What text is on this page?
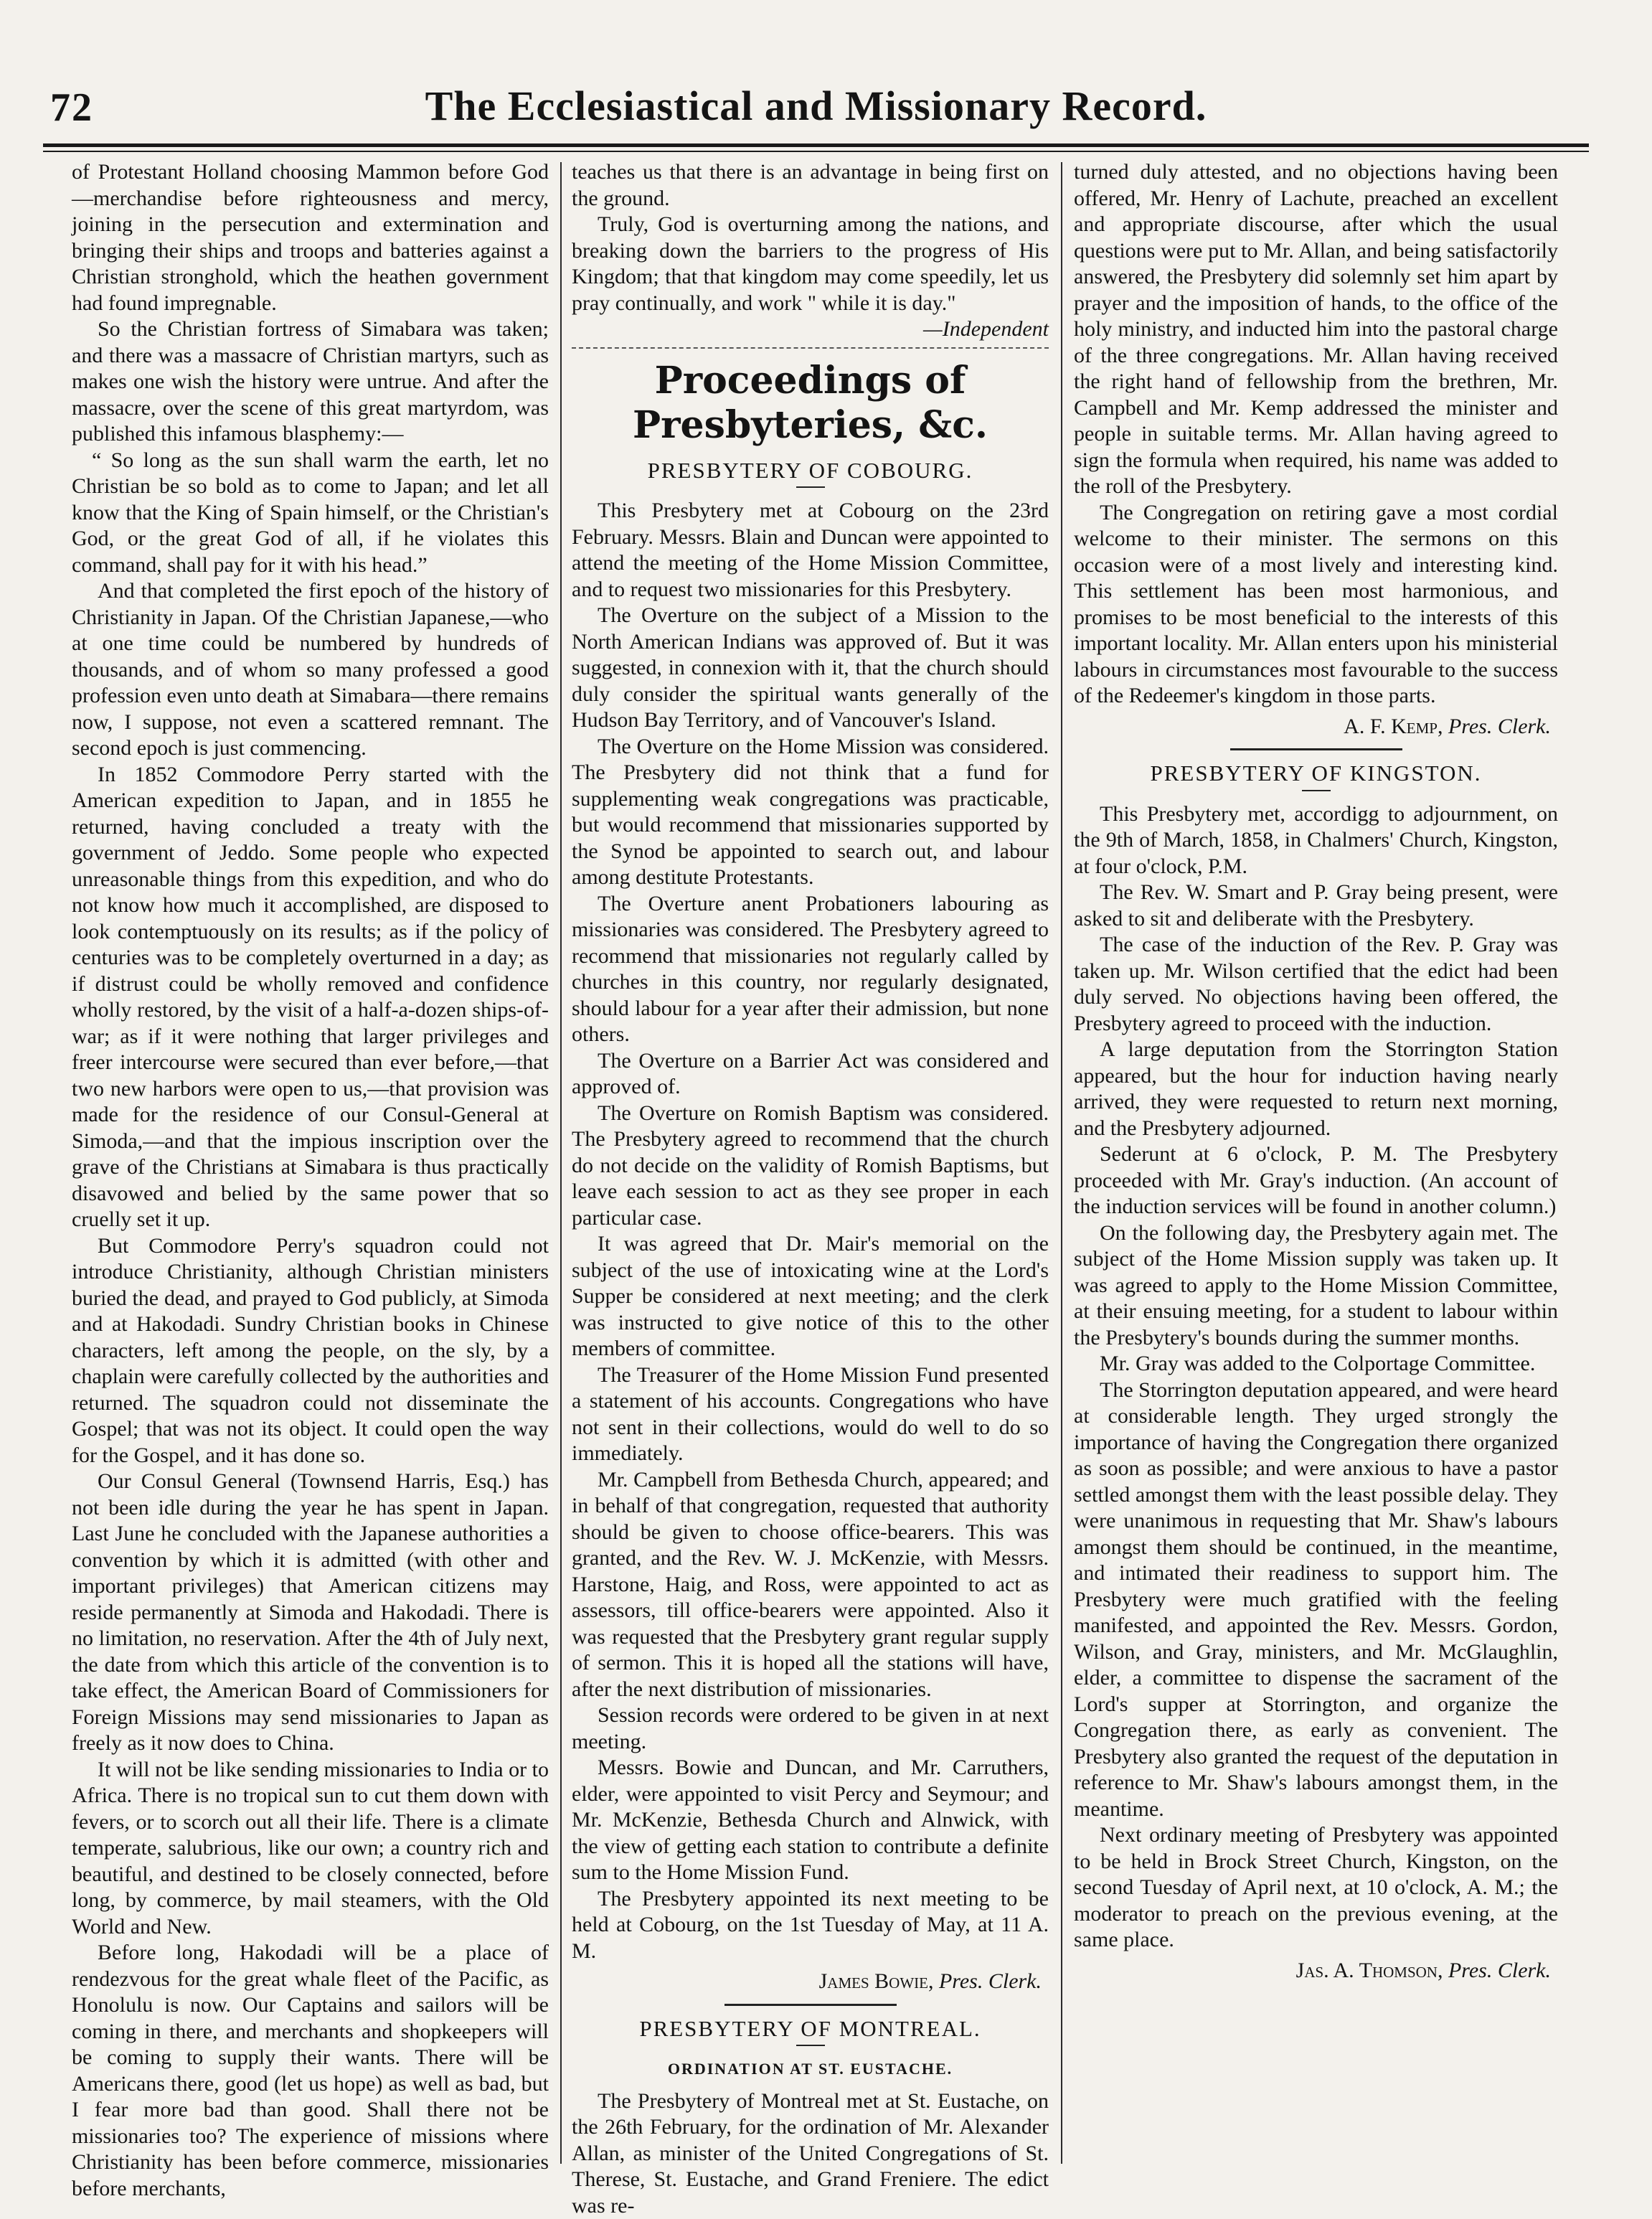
72	The Ecclesiastical and Missionary Record.

of Protestant Holland choosing Mammon before God—merchandise before righteousness and mercy, joining in the persecution and extermination and bringing their ships and troops and batteries against a Christian stronghold, which the heathen government had found impregnable.

So the Christian fortress of Simabara was taken; and there was a massacre of Christian martyrs, such as makes one wish the history were untrue. And after the massacre, over the scene of this great martyrdom, was published this infamous blasphemy:—

“ So long as the sun shall warm the earth, let no Christian be so bold as to come to Japan; and let all know that the King of Spain himself, or the Christian's God, or the great God of all, if he violates this command, shall pay for it with his head.”

And that completed the first epoch of the history of Christianity in Japan. Of the Christian Japanese,—who at one time could be numbered by hundreds of thousands, and of whom so many professed a good profession even unto death at Simabara—there remains now, I suppose, not even a scattered remnant. The second epoch is just commencing.

In 1852 Commodore Perry started with the American expedition to Japan, and in 1855 he returned, having concluded a treaty with the government of Jeddo. Some people who expected unreasonable things from this expedition, and who do not know how much it accomplished, are disposed to look contemptuously on its results; as if the policy of centuries was to be completely overturned in a day; as if distrust could be wholly removed and confidence wholly restored, by the visit of a half-a-dozen ships-of-war; as if it were nothing that larger privileges and freer intercourse were secured than ever before,—that two new harbors were open to us,—that provision was made for the residence of our Consul-General at Simoda,—and that the impious inscription over the grave of the Christians at Simabara is thus practically disavowed and belied by the same power that so cruelly set it up.

But Commodore Perry's squadron could not introduce Christianity, although Christian ministers buried the dead, and prayed to God publicly, at Simoda and at Hakodadi. Sundry Christian books in Chinese characters, left among the people, on the sly, by a chaplain were carefully collected by the authorities and returned. The squadron could not disseminate the Gospel; that was not its object. It could open the way for the Gospel, and it has done so.

Our Consul General (Townsend Harris, Esq.) has not been idle during the year he has spent in Japan. Last June he concluded with the Japanese authorities a convention by which it is admitted (with other and important privileges) that American citizens may reside permanently at Simoda and Hakodadi. There is no limitation, no reservation. After the 4th of July next, the date from which this article of the convention is to take effect, the American Board of Commissioners for Foreign Missions may send missionaries to Japan as freely as it now does to China.

It will not be like sending missionaries to India or to Africa. There is no tropical sun to cut them down with fevers, or to scorch out all their life. There is a climate temperate, salubrious, like our own; a country rich and beautiful, and destined to be closely connected, before long, by commerce, by mail steamers, with the Old World and New.

Before long, Hakodadi will be a place of rendezvous for the great whale fleet of the Pacific, as Honolulu is now. Our Captains and sailors will be coming in there, and merchants and shopkeepers will be coming to supply their wants. There will be Americans there, good (let us hope) as well as bad, but I fear more bad than good. Shall there not be missionaries too? The experience of missions where Christianity has been before commerce, missionaries before merchants,

teaches us that there is an advantage in being first on the ground.

Truly, God is overturning among the nations, and breaking down the barriers to the progress of His Kingdom; that that kingdom may come speedily, let us pray continually, and work " while it is day."

—Independent

Proceedings of Presbyteries, &c.

PRESBYTERY OF COBOURG.

This Presbytery met at Cobourg on the 23rd February. Messrs. Blain and Duncan were appointed to attend the meeting of the Home Mission Committee, and to request two missionaries for this Presbytery.

The Overture on the subject of a Mission to the North American Indians was approved of. But it was suggested, in connexion with it, that the church should duly consider the spiritual wants generally of the Hudson Bay Territory, and of Vancouver's Island.

The Overture on the Home Mission was considered. The Presbytery did not think that a fund for supplementing weak congregations was practicable, but would recommend that missionaries supported by the Synod be appointed to search out, and labour among destitute Protestants.

The Overture anent Probationers labouring as missionaries was considered. The Presbytery agreed to recommend that missionaries not regularly called by churches in this country, nor regularly designated, should labour for a year after their admission, but none others.

The Overture on a Barrier Act was considered and approved of.

The Overture on Romish Baptism was considered. The Presbytery agreed to recommend that the church do not decide on the validity of Romish Baptisms, but leave each session to act as they see proper in each particular case.

It was agreed that Dr. Mair's memorial on the subject of the use of intoxicating wine at the Lord's Supper be considered at next meeting; and the clerk was instructed to give notice of this to the other members of committee.

The Treasurer of the Home Mission Fund presented a statement of his accounts. Congregations who have not sent in their collections, would do well to do so immediately.

Mr. Campbell from Bethesda Church, appeared; and in behalf of that congregation, requested that authority should be given to choose office-bearers. This was granted, and the Rev. W. J. McKenzie, with Messrs. Harstone, Haig, and Ross, were appointed to act as assessors, till office-bearers were appointed. Also it was requested that the Presbytery grant regular supply of sermon. This it is hoped all the stations will have, after the next distribution of missionaries.

Session records were ordered to be given in at next meeting.

Messrs. Bowie and Duncan, and Mr. Carruthers, elder, were appointed to visit Percy and Seymour; and Mr. McKenzie, Bethesda Church and Alnwick, with the view of getting each station to contribute a definite sum to the Home Mission Fund.

The Presbytery appointed its next meeting to be held at Cobourg, on the 1st Tuesday of May, at 11 A. M.

James Bowie, Pres. Clerk.

PRESBYTERY OF MONTREAL.

ORDINATION AT ST. EUSTACHE.

The Presbytery of Montreal met at St. Eustache, on the 26th February, for the ordination of Mr. Alexander Allan, as minister of the United Congregations of St. Therese, St. Eustache, and Grand Freniere. The edict was re-

turned duly attested, and no objections having been offered, Mr. Henry of Lachute, preached an excellent and appropriate discourse, after which the usual questions were put to Mr. Allan, and being satisfactorily answered, the Presbytery did solemnly set him apart by prayer and the imposition of hands, to the office of the holy ministry, and inducted him into the pastoral charge of the three congregations. Mr. Allan having received the right hand of fellowship from the brethren, Mr. Campbell and Mr. Kemp addressed the minister and people in suitable terms. Mr. Allan having agreed to sign the formula when required, his name was added to the roll of the Presbytery.

The Congregation on retiring gave a most cordial welcome to their minister. The sermons on this occasion were of a most lively and interesting kind. This settlement has been most harmonious, and promises to be most beneficial to the interests of this important locality. Mr. Allan enters upon his ministerial labours in circumstances most favourable to the success of the Redeemer's kingdom in those parts.

A. F. Kemp, Pres. Clerk.

PRESBYTERY OF KINGSTON.

This Presbytery met, accordigg to adjournment, on the 9th of March, 1858, in Chalmers' Church, Kingston, at four o'clock, P.M.

The Rev. W. Smart and P. Gray being present, were asked to sit and deliberate with the Presbytery.

The case of the induction of the Rev. P. Gray was taken up. Mr. Wilson certified that the edict had been duly served. No objections having been offered, the Presbytery agreed to proceed with the induction.

A large deputation from the Storrington Station appeared, but the hour for induction having nearly arrived, they were requested to return next morning, and the Presbytery adjourned.

Sederunt at 6 o'clock, P. M. The Presbytery proceeded with Mr. Gray's induction. (An account of the induction services will be found in another column.)

On the following day, the Presbytery again met. The subject of the Home Mission supply was taken up. It was agreed to apply to the Home Mission Committee, at their ensuing meeting, for a student to labour within the Presbytery's bounds during the summer months.

Mr. Gray was added to the Colportage Committee.

The Storrington deputation appeared, and were heard at considerable length. They urged strongly the importance of having the Congregation there organized as soon as possible; and were anxious to have a pastor settled amongst them with the least possible delay. They were unanimous in requesting that Mr. Shaw's labours amongst them should be continued, in the meantime, and intimated their readiness to support him. The Presbytery were much gratified with the feeling manifested, and appointed the Rev. Messrs. Gordon, Wilson, and Gray, ministers, and Mr. McGlaughlin, elder, a committee to dispense the sacrament of the Lord's supper at Storrington, and organize the Congregation there, as early as convenient. The Presbytery also granted the request of the deputation in reference to Mr. Shaw's labours amongst them, in the meantime.

Next ordinary meeting of Presbytery was appointed to be held in Brock Street Church, Kingston, on the second Tuesday of April next, at 10 o'clock, A. M.; the moderator to preach on the previous evening, at the same place.

Jas. A. Thomson, Pres. Clerk.
